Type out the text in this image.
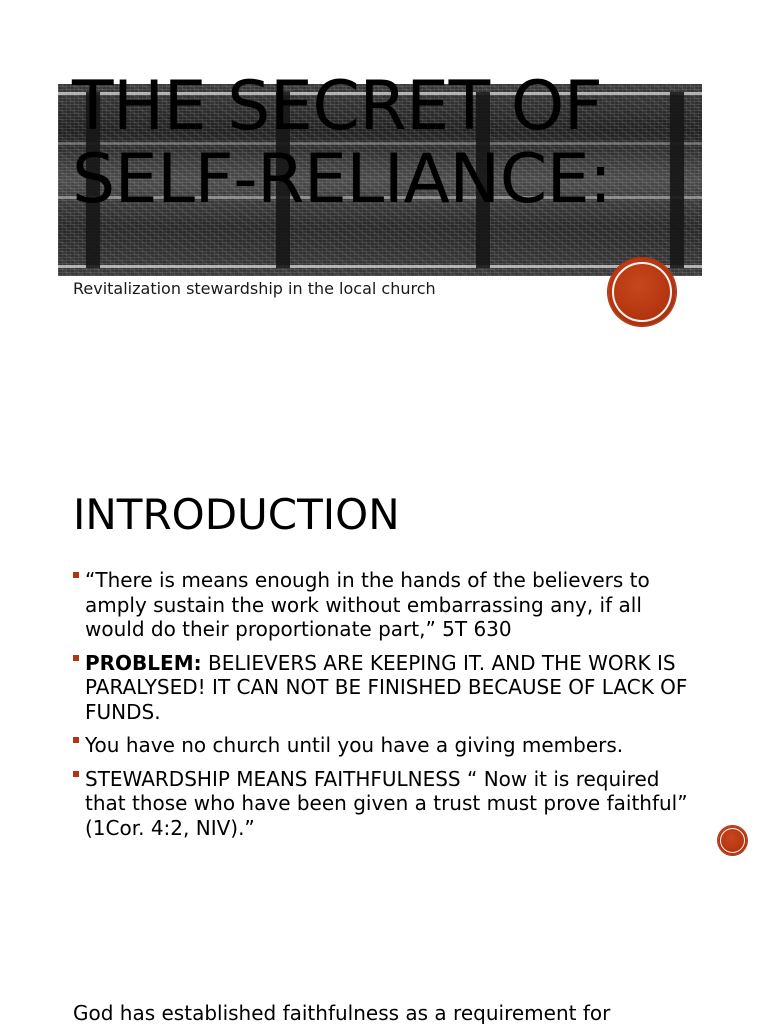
THE SECRET OF SELF-RELIANCE:
Revitalization stewardship in the local church
INTRODUCTION
“There is means enough in the hands of the believers to amply sustain the work without embarrassing any, if all would do their proportionate part,” 5T 630
PROBLEM: BELIEVERS ARE KEEPING IT. AND THE WORK IS PARALYSED! IT CAN NOT BE FINISHED BECAUSE OF LACK OF FUNDS.
You have no church until you have a giving members.
STEWARDSHIP MEANS FAITHFULNESS “ Now it is required that those who have been given a trust must prove faithful” (1Cor. 4:2, NIV).”
God has established faithfulness as a requirement for
